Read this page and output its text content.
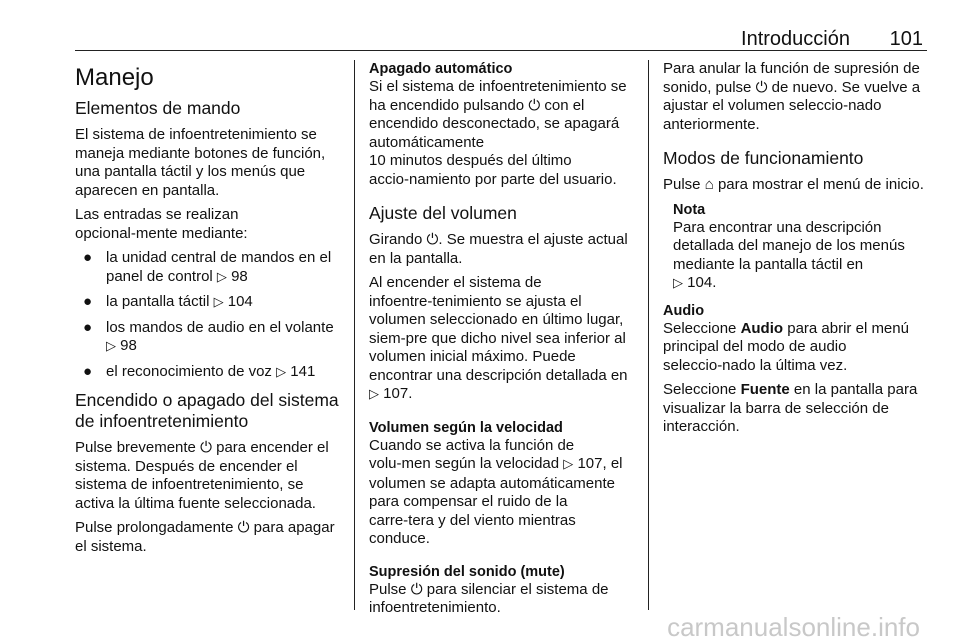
Introducción 101
Manejo
Elementos de mando

El sistema de infoentretenimiento se maneja mediante botones de función, una pantalla táctil y los menús que aparecen en pantalla.

Las entradas se realizan opcional‑mente mediante:

● la unidad central de mandos en el panel de control ▷ 98
● la pantalla táctil ▷ 104
● los mandos de audio en el volante ▷ 98
● el reconocimiento de voz ▷ 141
Encendido o apagado del sistema de infoentretenimiento

Pulse brevemente ⏻ para encender el sistema. Después de encender el sistema de infoentretenimiento, se activa la última fuente seleccionada.

Pulse prolongadamente ⏻ para apagar el sistema.

Apagado automático

Si el sistema de infoentretenimiento se ha encendido pulsando ⏻ con el encendido desconectado, se apagará automáticamente
10 minutos después del último accio‑namiento por parte del usuario.

Ajuste del volumen

Girando ⏻. Se muestra el ajuste actual en la pantalla.

Al encender el sistema de infoentre‑tenimiento se ajusta el volumen seleccionado en último lugar, siem‑pre que dicho nivel sea inferior al volumen inicial máximo. Puede encontrar una descripción detallada en ▷ 107.

Volumen según la velocidad

Cuando se activa la función de volu‑men según la velocidad ▷ 107, el volumen se adapta automáticamente para compensar el ruido de la carre‑tera y del viento mientras conduce.

Supresión del sonido (mute)

Pulse ⏻ para silenciar el sistema de infoentretenimiento.

Para anular la función de supresión de sonido, pulse ⏻ de nuevo. Se vuelve a ajustar el volumen seleccio‑nado anteriormente.

Modos de funcionamiento

Pulse ⌂ para mostrar el menú de inicio.

Nota

Para encontrar una descripción detallada del manejo de los menús mediante la pantalla táctil en
▷ 104.

Audio

Seleccione Audio para abrir el menú principal del modo de audio seleccio‑nado la última vez.

Seleccione Fuente en la pantalla para visualizar la barra de selección de interacción.

carmanualsonline.info
